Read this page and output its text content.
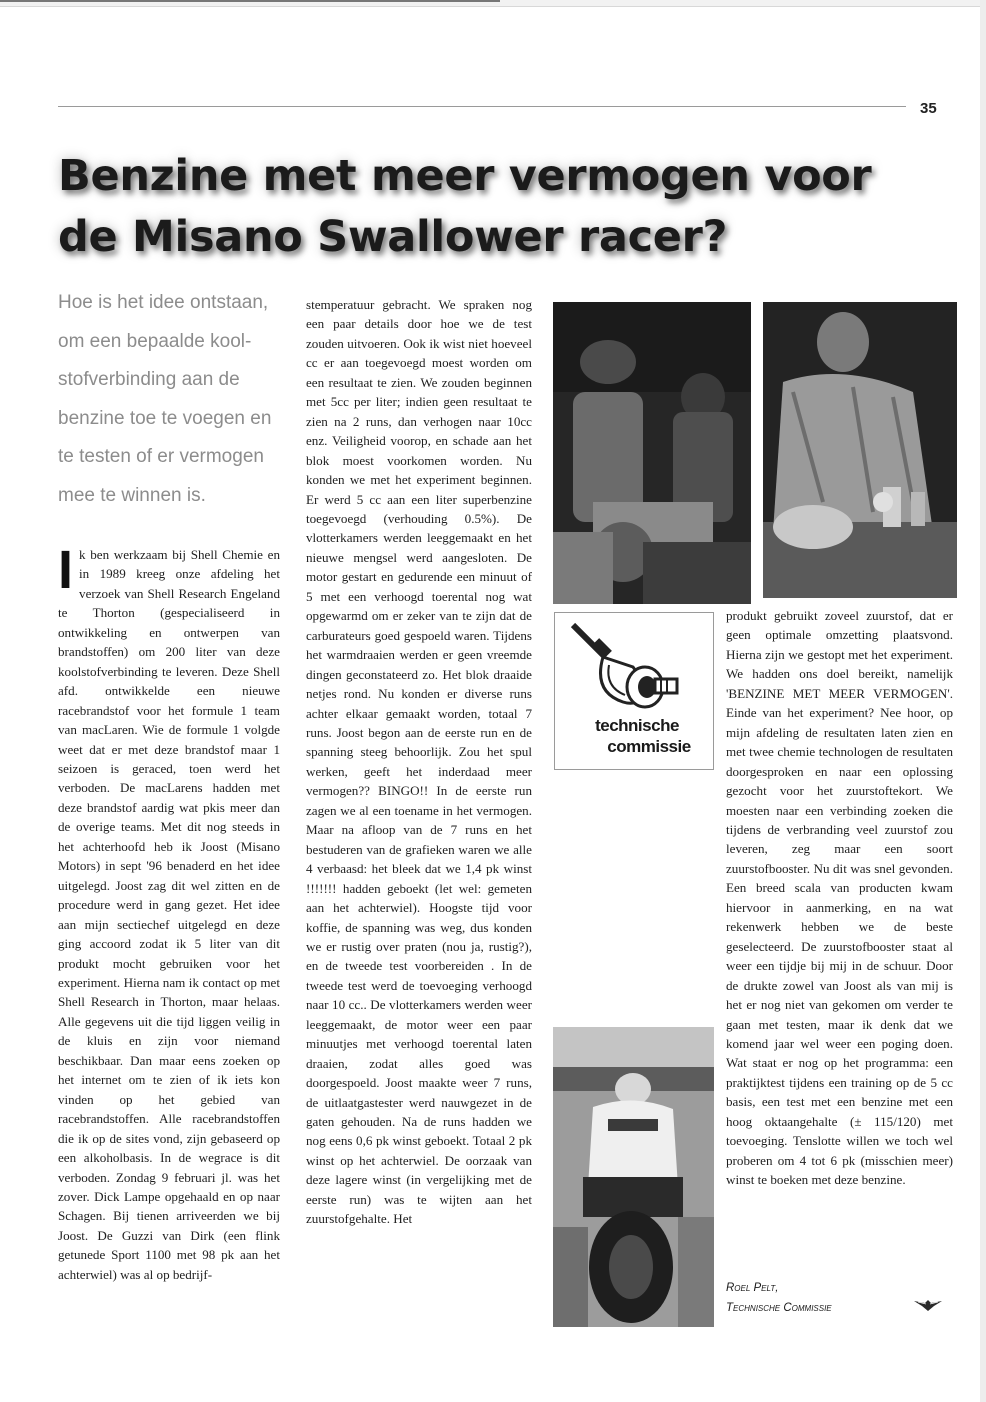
35
Benzine met meer vermogen voor de Misano Swallower racer?

Hoe is het idee ontstaan, om een bepaalde kool-stofverbinding aan de benzine toe te voegen en te testen of er vermogen mee te winnen is.

I k ben werkzaam bij Shell Chemie en in 1989 kreeg onze afdeling het verzoek van Shell Research Engeland te Thorton (gespecialiseerd in ontwikkeling en ontwerpen van brandstoffen) om 200 liter van deze koolstofverbinding te leveren. Deze Shell afd. ontwikkelde een nieuwe racebrandstof voor het formule 1 team van macLaren. Wie de formule 1 volgde weet dat er met deze brandstof maar 1 seizoen is geraced, toen werd het verboden. De macLarens hadden met deze brandstof aardig wat pkis meer dan de overige teams. Met dit nog steeds in het achterhoofd heb ik Joost (Misano Motors) in sept '96 benaderd en het idee uitgelegd. Joost zag dit wel zitten en de procedure werd in gang gezet. Het idee aan mijn sectiechef uitgelegd en deze ging accoord zodat ik 5 liter van dit produkt mocht gebruiken voor het experiment. Hierna nam ik contact op met Shell Research in Thorton, maar helaas. Alle gegevens uit die tijd liggen veilig in de kluis en zijn voor niemand beschikbaar. Dan maar eens zoeken op het internet om te zien of ik iets kon vinden op het gebied van racebrandstoffen. Alle racebrandstoffen die ik op de sites vond, zijn gebaseerd op een alkoholbasis. In de wegrace is dit verboden. Zondag 9 februari jl. was het zover. Dick Lampe opgehaald en op naar Schagen. Bij tienen arriveerden we bij Joost. De Guzzi van Dirk (een flink getunede Sport 1100 met 98 pk aan het achterwiel) was al op bedrijf-
stemperatuur gebracht. We spraken nog een paar details door hoe we de test zouden uitvoeren. Ook ik wist niet hoeveel cc er aan toegevoegd moest worden om een resultaat te zien. We zouden beginnen met 5cc per liter; indien geen resultaat te zien na 2 runs, dan verhogen naar 10cc enz. Veiligheid voorop, en schade aan het blok moest voorkomen worden. Nu konden we met het experiment beginnen. Er werd 5 cc aan een liter superbenzine toegevoegd (verhouding 0.5%). De vlotterkamers werden leeggemaakt en het nieuwe mengsel werd aangesloten. De motor gestart en gedurende een minuut of 5 met een verhoogd toerental nog wat opgewarmd om er zeker van te zijn dat de carburateurs goed gespoeld waren. Tijdens het warmdraaien werden er geen vreemde dingen geconstateerd zo. Het blok draaide netjes rond. Nu konden er diverse runs achter elkaar gemaakt worden, totaal 7 runs. Joost begon aan de eerste run en de spanning steeg behoorlijk. Zou het spul werken, geeft het inderdaad meer vermogen?? BINGO!! In de eerste run zagen we al een toename in het vermogen. Maar na afloop van de 7 runs en het bestuderen van de grafieken waren we alle 4 verbaasd: het bleek dat we 1,4 pk winst !!!!!!! hadden geboekt (let wel: gemeten aan het achterwiel). Hoogste tijd voor koffie, de spanning was weg, dus konden we er rustig over praten (nou ja, rustig?), en de tweede test voorbereiden . In de tweede test werd de toevoeging verhoogd naar 10 cc.. De vlotterkamers werden weer leeggemaakt, de motor weer een paar minuutjes met verhoogd toerental laten draaien, zodat alles goed was doorgespoeld. Joost maakte weer 7 runs, de uitlaatgastester werd nauwgezet in de gaten gehouden. Na de runs hadden we nog eens 0,6 pk winst geboekt. Totaal 2 pk winst op het achterwiel. De oorzaak van deze lagere winst (in vergelijking met de eerste run) was te wijten aan het zuurstofgehalte. Het
technische
commissie
produkt gebruikt zoveel zuurstof, dat er geen optimale omzetting plaatsvond. Hierna zijn we gestopt met het experiment. We hadden ons doel bereikt, namelijk 'BENZINE MET MEER VERMOGEN'. Einde van het experiment? Nee hoor, op mijn afdeling de resultaten laten zien en met twee chemie technologen de resultaten doorgesproken en naar een oplossing gezocht voor het zuurstoftekort. We moesten naar een verbinding zoeken die tijdens de verbranding veel zuurstof zou leveren, zeg maar een soort zuurstofbooster. Nu dit was snel gevonden. Een breed scala van producten kwam hiervoor in aanmerking, en na wat rekenwerk hebben we de beste geselecteerd. De zuurstofbooster staat al weer een tijdje bij mij in de schuur. Door de drukte zowel van Joost als van mij is het er nog niet van gekomen om verder te gaan met testen, maar ik denk dat we komend jaar wel weer een poging doen. Wat staat er nog op het programma: een praktijktest tijdens een training op de 5 cc basis, een test met een benzine met een hoog oktaangehalte (± 115/120) met toevoeging. Tenslotte willen we toch wel proberen om 4 tot 6 pk (misschien meer) winst te boeken met deze benzine.
Roel Pelt,
Technische Commissie
